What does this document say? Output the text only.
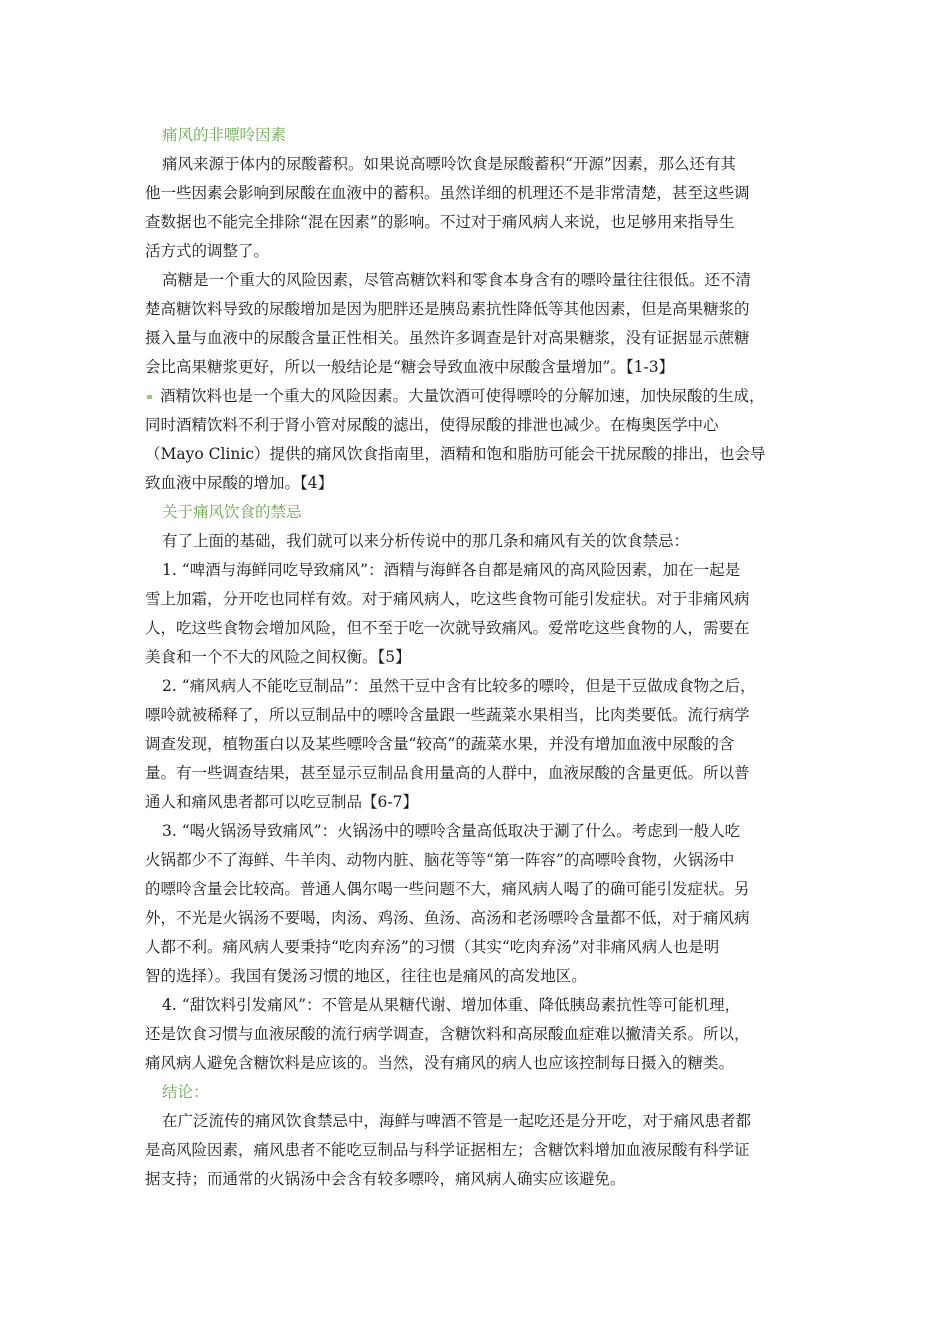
痛风的非嘌呤因素
痛风来源于体内的尿酸蓄积。如果说高嘌呤饮食是尿酸蓄积“开源”因素，那么还有其
他一些因素会影响到尿酸在血液中的蓄积。虽然详细的机理还不是非常清楚，甚至这些调
查数据也不能完全排除“混在因素”的影响。不过对于痛风病人来说，也足够用来指导生
活方式的调整了。
高糖是一个重大的风险因素，尽管高糖饮料和零食本身含有的嘌呤量往往很低。还不清
楚高糖饮料导致的尿酸增加是因为肥胖还是胰岛素抗性降低等其他因素，但是高果糖浆的
摄入量与血液中的尿酸含量正性相关。虽然许多调查是针对高果糖浆，没有证据显示蔗糖
会比高果糖浆更好，所以一般结论是“糖会导致血液中尿酸含量增加”。【1-3】
酒精饮料也是一个重大的风险因素。大量饮酒可使得嘌呤的分解加速，加快尿酸的生成，
同时酒精饮料不利于肾小管对尿酸的滤出，使得尿酸的排泄也减少。在梅奥医学中心
（Mayo Clinic）提供的痛风饮食指南里，酒精和饱和脂肪可能会干扰尿酸的排出，也会导
致血液中尿酸的增加。【4】
关于痛风饮食的禁忌
有了上面的基础，我们就可以来分析传说中的那几条和痛风有关的饮食禁忌：
1. “啤酒与海鲜同吃导致痛风”：酒精与海鲜各自都是痛风的高风险因素，加在一起是
雪上加霜，分开吃也同样有效。对于痛风病人，吃这些食物可能引发症状。对于非痛风病
人，吃这些食物会增加风险，但不至于吃一次就导致痛风。爱常吃这些食物的人，需要在
美食和一个不大的风险之间权衡。【5】
2. “痛风病人不能吃豆制品”：虽然干豆中含有比较多的嘌呤，但是干豆做成食物之后，
嘌呤就被稀释了，所以豆制品中的嘌呤含量跟一些蔬菜水果相当，比肉类要低。流行病学
调查发现，植物蛋白以及某些嘌呤含量“较高”的蔬菜水果，并没有增加血液中尿酸的含
量。有一些调查结果，甚至显示豆制品食用量高的人群中，血液尿酸的含量更低。所以普
通人和痛风患者都可以吃豆制品【6-7】
3. “喝火锅汤导致痛风”：火锅汤中的嘌呤含量高低取决于涮了什么。考虑到一般人吃
火锅都少不了海鲜、牛羊肉、动物内脏、脑花等等“第一阵容”的高嘌呤食物，火锅汤中
的嘌呤含量会比较高。普通人偶尔喝一些问题不大，痛风病人喝了的确可能引发症状。另
外，不光是火锅汤不要喝，肉汤、鸡汤、鱼汤、高汤和老汤嘌呤含量都不低，对于痛风病
人都不利。痛风病人要秉持“吃肉弃汤”的习惯（其实“吃肉弃汤”对非痛风病人也是明
智的选择）。我国有煲汤习惯的地区，往往也是痛风的高发地区。
4. “甜饮料引发痛风”：不管是从果糖代谢、增加体重、降低胰岛素抗性等可能机理，
还是饮食习惯与血液尿酸的流行病学调查，含糖饮料和高尿酸血症难以撇清关系。所以，
痛风病人避免含糖饮料是应该的。当然，没有痛风的病人也应该控制每日摄入的糖类。
结论：
在广泛流传的痛风饮食禁忌中，海鲜与啤酒不管是一起吃还是分开吃，对于痛风患者都
是高风险因素，痛风患者不能吃豆制品与科学证据相左；含糖饮料增加血液尿酸有科学证
据支持；而通常的火锅汤中会含有较多嘌呤，痛风病人确实应该避免。
